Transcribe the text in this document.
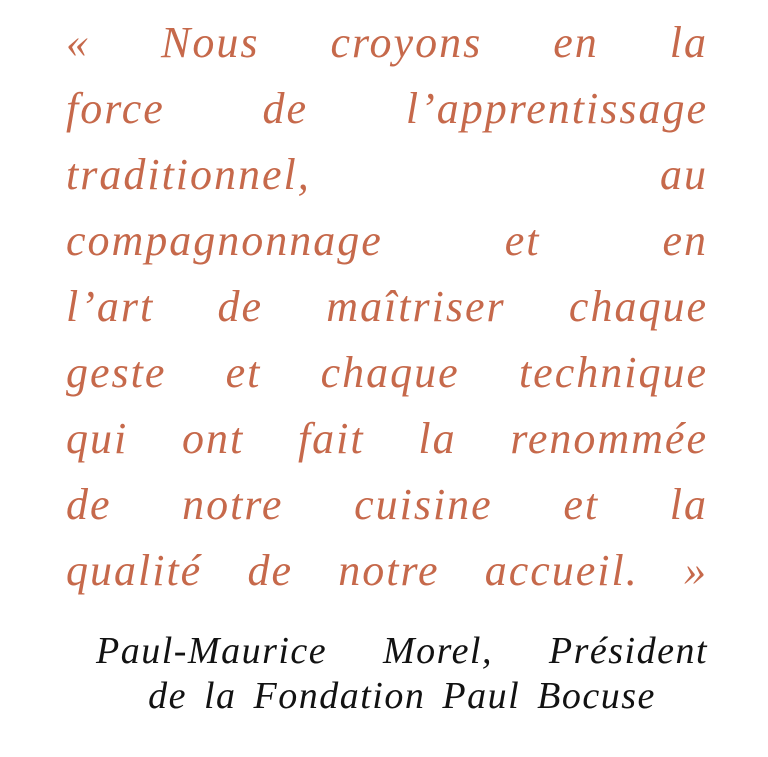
« Nous croyons en la
force de l’apprentissage
traditionnel, au
compagnonnage et en
l’art de maîtriser chaque
geste et chaque technique
qui ont fait la renommée
de notre cuisine et la
qualité de notre accueil. »
Paul-Maurice Morel, Président
de la Fondation Paul Bocuse
